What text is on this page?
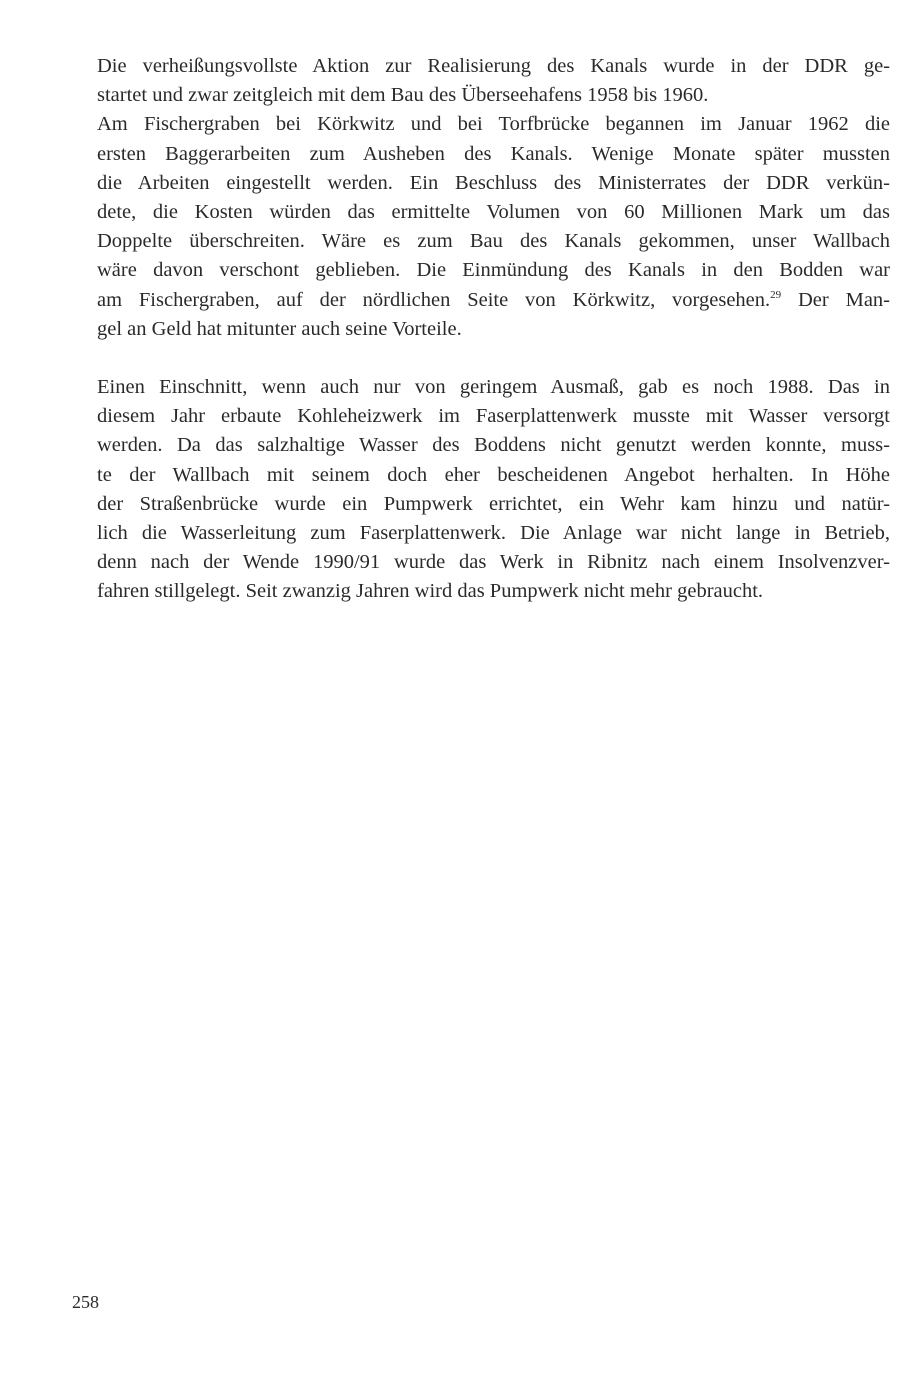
Die verheißungsvollste Aktion zur Realisierung des Kanals wurde in der DDR ge-
startet und zwar zeitgleich mit dem Bau des Überseehafens 1958 bis 1960.
Am Fischergraben bei Körkwitz und bei Torfbrücke begannen im Januar 1962 die
ersten Baggerarbeiten zum Ausheben des Kanals. Wenige Monate später mussten
die Arbeiten eingestellt werden. Ein Beschluss des Ministerrates der DDR verkün-
dete, die Kosten würden das ermittelte Volumen von 60 Millionen Mark um das
Doppelte überschreiten. Wäre es zum Bau des Kanals gekommen, unser Wallbach
wäre davon verschont geblieben. Die Einmündung des Kanals in den Bodden war
am Fischergraben, auf der nördlichen Seite von Körkwitz, vorgesehen.$^{29}$ Der Man-
gel an Geld hat mitunter auch seine Vorteile.
Einen Einschnitt, wenn auch nur von geringem Ausmaß, gab es noch 1988. Das in
diesem Jahr erbaute Kohleheizwerk im Faserplattenwerk musste mit Wasser versorgt
werden. Da das salzhaltige Wasser des Boddens nicht genutzt werden konnte, muss-
te der Wallbach mit seinem doch eher bescheidenen Angebot herhalten. In Höhe
der Straßenbrücke wurde ein Pumpwerk errichtet, ein Wehr kam hinzu und natür-
lich die Wasserleitung zum Faserplattenwerk. Die Anlage war nicht lange in Betrieb,
denn nach der Wende 1990/91 wurde das Werk in Ribnitz nach einem Insolvenzver-
fahren stillgelegt. Seit zwanzig Jahren wird das Pumpwerk nicht mehr gebraucht.
258
